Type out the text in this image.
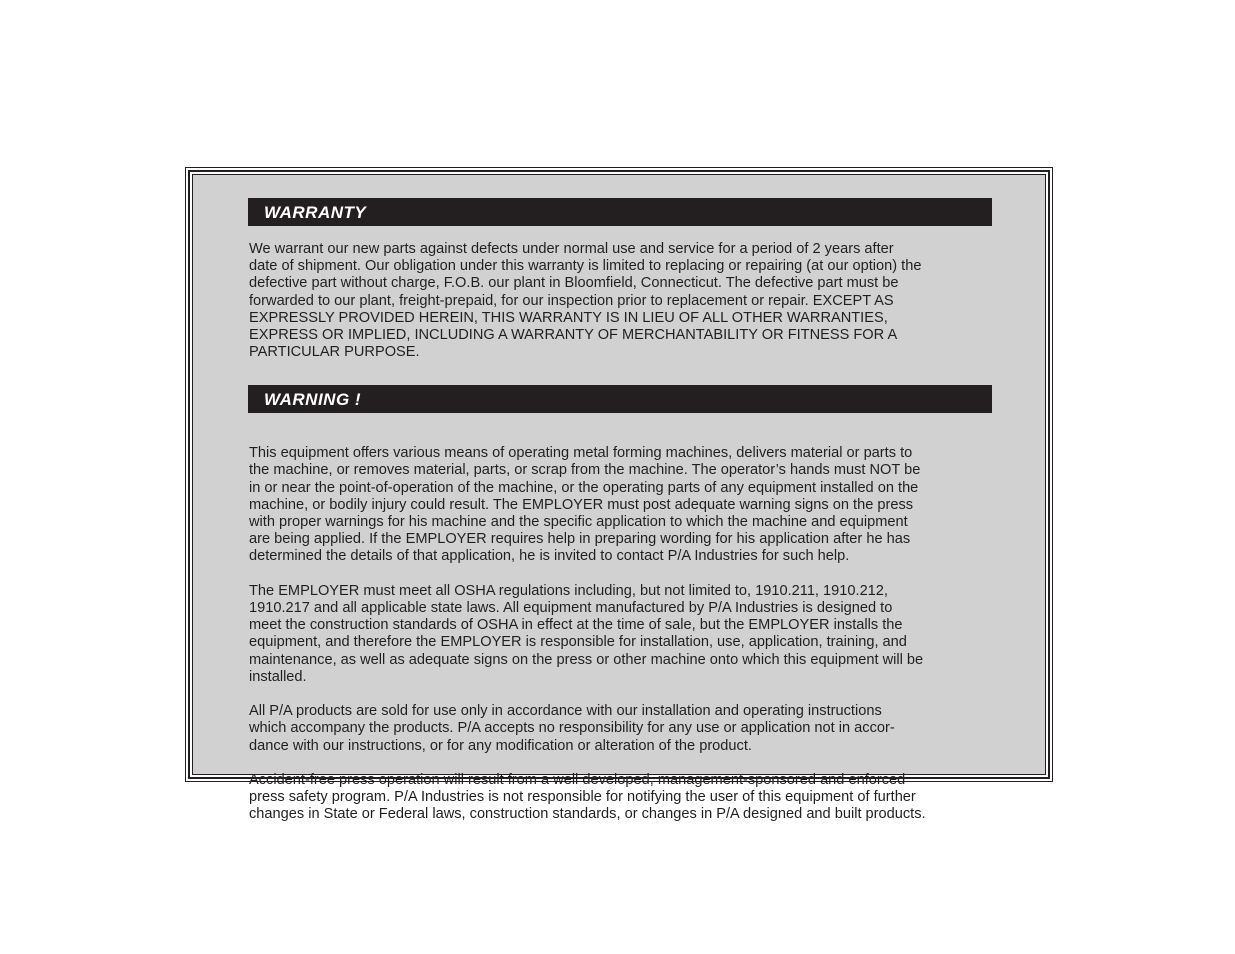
WARRANTY

We warrant our new parts against defects under normal use and service for a period of 2 years after
date of shipment. Our obligation under this warranty is limited to replacing or repairing (at our option) the
defective part without charge, F.O.B. our plant in Bloomfield, Connecticut. The defective part must be
forwarded to our plant, freight-prepaid, for our inspection prior to replacement or repair. EXCEPT AS
EXPRESSLY PROVIDED HEREIN, THIS WARRANTY IS IN LIEU OF ALL OTHER WARRANTIES,
EXPRESS OR IMPLIED, INCLUDING A WARRANTY OF MERCHANTABILITY OR FITNESS FOR A
PARTICULAR PURPOSE.

WARNING !

This equipment offers various means of operating metal forming machines, delivers material or parts to
the machine, or removes material, parts, or scrap from the machine. The operator’s hands must NOT be
in or near the point-of-operation of the machine, or the operating parts of any equipment installed on the
machine, or bodily injury could result. The EMPLOYER must post adequate warning signs on the press
with proper warnings for his machine and the specific application to which the machine and equipment
are being applied. If the EMPLOYER requires help in preparing wording for his application after he has
determined the details of that application, he is invited to contact P/A Industries for such help.

The EMPLOYER must meet all OSHA regulations including, but not limited to, 1910.211, 1910.212,
1910.217 and all applicable state laws. All equipment manufactured by P/A Industries is designed to
meet the construction standards of OSHA in effect at the time of sale, but the EMPLOYER installs the
equipment, and therefore the EMPLOYER is responsible for installation, use, application, training, and
maintenance, as well as adequate signs on the press or other machine onto which this equipment will be
installed.

All P/A products are sold for use only in accordance with our installation and operating instructions
which accompany the products. P/A accepts no responsibility for any use or application not in accor-
dance with our instructions, or for any modification or alteration of the product.

Accident-free press operation will result from a well developed, management-sponsored and enforced
press safety program. P/A Industries is not responsible for notifying the user of this equipment of further
changes in State or Federal laws, construction standards, or changes in P/A designed and built products.
